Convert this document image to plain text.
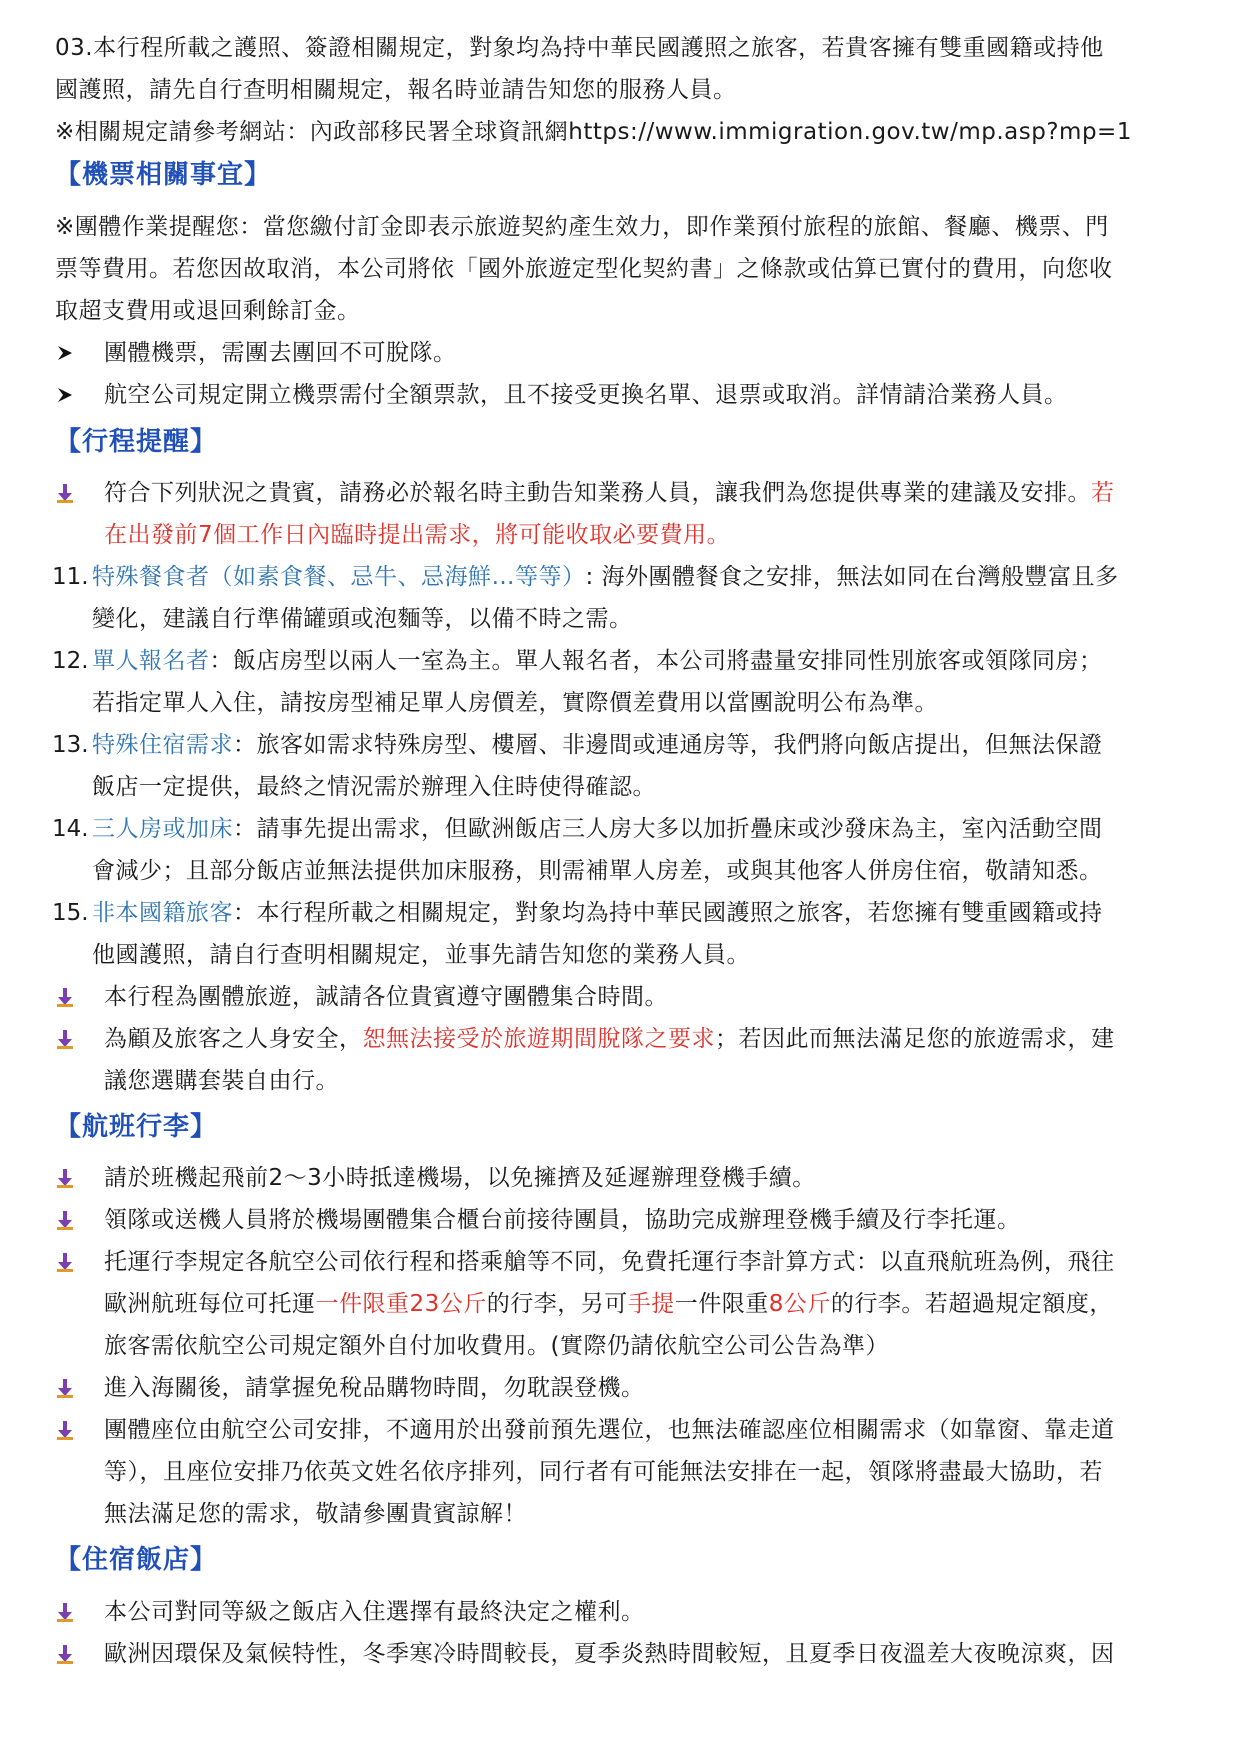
03.本行程所載之護照、簽證相關規定，對象均為持中華民國護照之旅客，若貴客擁有雙重國籍或持他
國護照，請先自行查明相關規定，報名時並請告知您的服務人員。
※相關規定請參考網站：內政部移民署全球資訊網https://www.immigration.gov.tw/mp.asp?mp=1
【機票相關事宜】
※團體作業提醒您：當您繳付訂金即表示旅遊契約產生效力，即作業預付旅程的旅館、餐廳、機票、門
票等費用。若您因故取消，本公司將依「國外旅遊定型化契約書」之條款或估算已實付的費用，向您收
取超支費用或退回剩餘訂金。
團體機票，需團去團回不可脫隊。
航空公司規定開立機票需付全額票款，且不接受更換名單、退票或取消。詳情請洽業務人員。
【行程提醒】
符合下列狀況之貴賓，請務必於報名時主動告知業務人員，讓我們為您提供專業的建議及安排。若
在出發前7個工作日內臨時提出需求，將可能收取必要費用。
11. 特殊餐食者（如素食餐、忌牛、忌海鮮…等等）: 海外團體餐食之安排，無法如同在台灣般豐富且多
變化，建議自行準備罐頭或泡麵等，以備不時之需。
12. 單人報名者：飯店房型以兩人一室為主。單人報名者，本公司將盡量安排同性別旅客或領隊同房；
若指定單人入住，請按房型補足單人房價差，實際價差費用以當團說明公布為準。
13. 特殊住宿需求：旅客如需求特殊房型、樓層、非邊間或連通房等，我們將向飯店提出，但無法保證
飯店一定提供，最終之情況需於辦理入住時使得確認。
14. 三人房或加床：請事先提出需求，但歐洲飯店三人房大多以加折疊床或沙發床為主，室內活動空間
會減少；且部分飯店並無法提供加床服務，則需補單人房差，或與其他客人併房住宿，敬請知悉。
15. 非本國籍旅客：本行程所載之相關規定，對象均為持中華民國護照之旅客，若您擁有雙重國籍或持
他國護照，請自行查明相關規定，並事先請告知您的業務人員。
本行程為團體旅遊，誠請各位貴賓遵守團體集合時間。
為顧及旅客之人身安全，恕無法接受於旅遊期間脫隊之要求；若因此而無法滿足您的旅遊需求，建
議您選購套裝自由行。
【航班行李】
請於班機起飛前2～3小時抵達機場，以免擁擠及延遲辦理登機手續。
領隊或送機人員將於機場團體集合櫃台前接待團員，協助完成辦理登機手續及行李托運。
托運行李規定各航空公司依行程和搭乘艙等不同，免費托運行李計算方式：以直飛航班為例，飛往
歐洲航班每位可托運一件限重23公斤的行李，另可手提一件限重8公斤的行李。若超過規定額度，
旅客需依航空公司規定額外自付加收費用。(實際仍請依航空公司公告為準）
進入海關後，請掌握免稅品購物時間，勿耽誤登機。
團體座位由航空公司安排，不適用於出發前預先選位，也無法確認座位相關需求（如靠窗、靠走道
等），且座位安排乃依英文姓名依序排列，同行者有可能無法安排在一起，領隊將盡最大協助，若
無法滿足您的需求，敬請參團貴賓諒解！
【住宿飯店】
本公司對同等級之飯店入住選擇有最終決定之權利。
歐洲因環保及氣候特性，冬季寒冷時間較長，夏季炎熱時間較短，且夏季日夜溫差大夜晚涼爽，因
